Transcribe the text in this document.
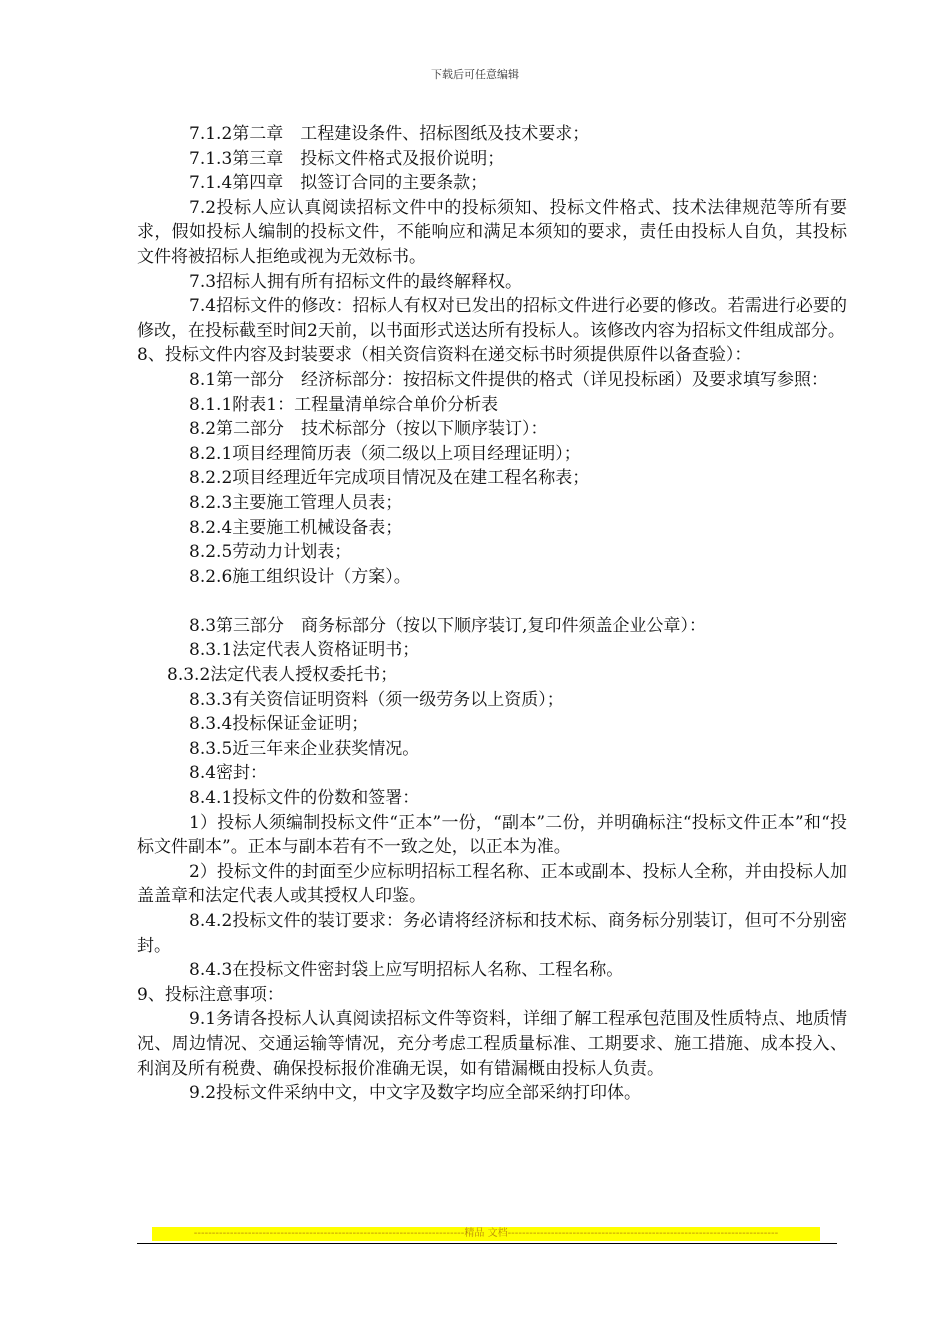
下载后可任意编辑

7.1.2第二章　工程建设条件、招标图纸及技术要求；

7.1.3第三章　投标文件格式及报价说明；

7.1.4第四章　拟签订合同的主要条款；

7.2投标人应认真阅读招标文件中的投标须知、投标文件格式、技术法律规范等所有要求，假如投标人编制的投标文件，不能响应和满足本须知的要求，责任由投标人自负，其投标文件将被招标人拒绝或视为无效标书。

7.3招标人拥有所有招标文件的最终解释权。

7.4招标文件的修改：招标人有权对已发出的招标文件进行必要的修改。若需进行必要的修改，在投标截至时间2天前，以书面形式送达所有投标人。该修改内容为招标文件组成部分。

8、投标文件内容及封装要求（相关资信资料在递交标书时须提供原件以备查验）：

8.1第一部分　经济标部分：按招标文件提供的格式（详见投标函）及要求填写参照：

8.1.1附表1：工程量清单综合单价分析表

8.2第二部分　技术标部分（按以下顺序装订）：

8.2.1项目经理简历表（须二级以上项目经理证明）；

8.2.2项目经理近年完成项目情况及在建工程名称表；

8.2.3主要施工管理人员表；

8.2.4主要施工机械设备表；

8.2.5劳动力计划表；

8.2.6施工组织设计（方案）。

8.3第三部分　商务标部分（按以下顺序装订,复印件须盖企业公章）：

8.3.1法定代表人资格证明书；

8.3.2法定代表人授权委托书；

8.3.3有关资信证明资料（须一级劳务以上资质）；

8.3.4投标保证金证明；

8.3.5近三年来企业获奖情况。

8.4密封：

8.4.1投标文件的份数和签署：

1）投标人须编制投标文件“正本”一份，“副本”二份，并明确标注“投标文件正本”和“投标文件副本”。正本与副本若有不一致之处，以正本为准。

2）投标文件的封面至少应标明招标工程名称、正本或副本、投标人全称，并由投标人加盖盖章和法定代表人或其授权人印鉴。

8.4.2投标文件的装订要求：务必请将经济标和技术标、商务标分别装订，但可不分别密封。

8.4.3在投标文件密封袋上应写明招标人名称、工程名称。

9、投标注意事项：

9.1务请各投标人认真阅读招标文件等资料，详细了解工程承包范围及性质特点、地质情况、周边情况、交通运输等情况，充分考虑工程质量标准、工期要求、施工措施、成本投入、利润及所有税费、确保投标报价准确无误，如有错漏概由投标人负责。

9.2投标文件采纳中文，中文字及数字均应全部采纳打印体。

---------------------------------------------------------------------------精品 文档---------------------------------------------------------------------------
